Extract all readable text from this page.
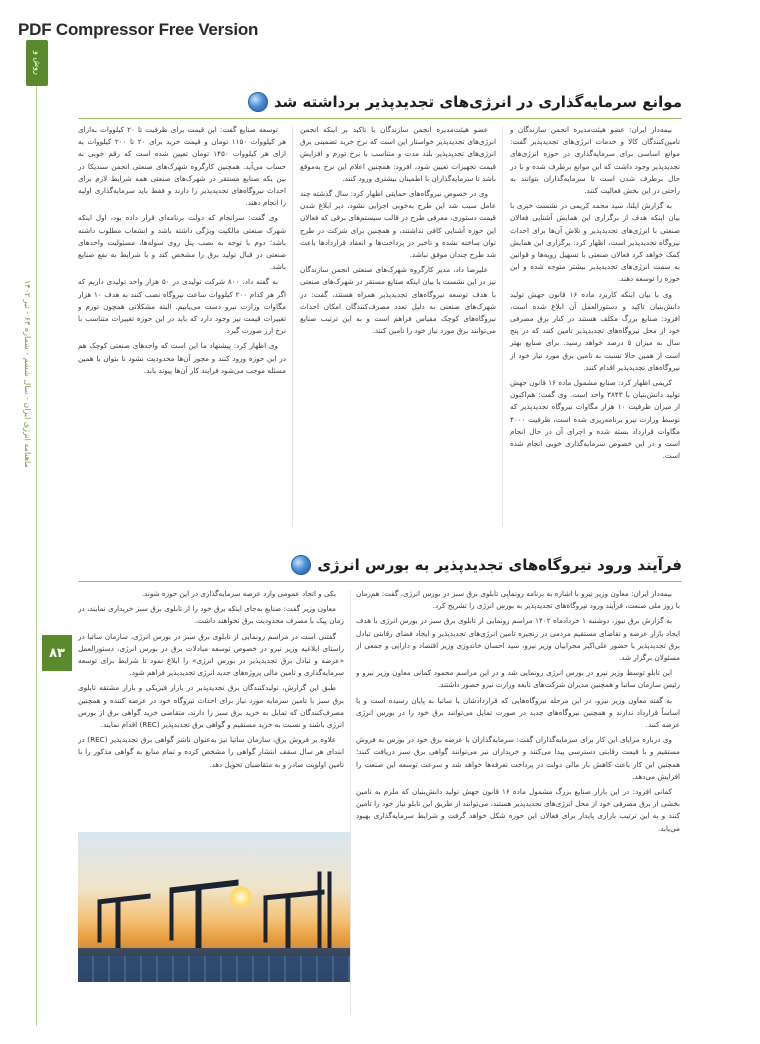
PDF Compressor Free Version
روش و فناوری
ماهنامه انرژی ایران - سال ششم - شماره ۶۴ - تیر ۱۴۰۲
۸۳
موانع سرمایه‌گذاری در انرژی‌های تجدیدپذیر برداشته شد

بیمه‌دار ایران: عضو هیئت‌مدیره انجمن سازندگان و تامین‌کنندگان کالا و خدمات انرژی‌های تجدیدپذیر گفت: موانع اساسی برای سرمایه‌گذاری در حوزه انرژی‌های تجدیدپذیر وجود داشت که این موانع برطرف شده و با در حال برطرف شدن است تا سرمایه‌گذاران بتوانند به راحتی در این بخش فعالیت کنند.

به گزارش ایلنا، سید محمد کریمی در نشست خبری با بیان اینکه هدف از برگزاری این همایش آشنایی فعالان صنعتی با انرژی‌های تجدیدپذیر و تلاش آن‌ها برای احداث نیروگاه تجدیدپذیر است، اظهار کرد: برگزاری این همایش کمک خواهد کرد فعالان صنعتی با تسهیل رویه‌ها و قوانین به سمت انرژی‌های تجدیدپذیر بیشتر متوجه شده و این حوزه را توسعه دهند.

وی با بیان اینکه کاربرد ماده ۱۶ قانون جهش تولید دانش‌بنیان تاکید و دستورالعمل آن ابلاغ شده است، افزود: صنایع بزرگ مکلف هستند در کنار برق مصرفی خود از محل نیروگاه‌های تجدیدپذیر تامین کنند که در پنج سال به میزان ۵ درصد خواهد رسید. برای صنایع بهتر است از همین حالا نسبت به تامین برق مورد نیاز خود از نیروگاه‌های تجدیدپذیر اقدام کنند.

کریمی اظهار کرد: صنایع مشمول ماده ۱۶ قانون جهش تولید دانش‌بنیان با ۳۸۴۳ واحد است. وی گفت: هم‌اکنون از میزان ظرفیت ۱۰ هزار مگاوات نیروگاه تجدیدپذیر که توسط وزارت نیرو برنامه‌ریزی شده است، ظرفیت ۴۰۰۰ مگاوات قرارداد بسته شده و اجرای آن در حال انجام است و در این خصوص سرمایه‌گذاری خوبی انجام شده است.

عضو هیئت‌مدیره انجمن سازندگان با تاکید بر اینکه انجمن انرژی‌های تجدیدپذیر خواستار این است که نرخ خرید تضمینی برق انرژی‌های تجدیدپذیر بلند مدت و متناسب با نرخ تورم و افزایش قیمت تجهیزات تعیین شود، افزود: همچنین اعلام این نرخ به‌موقع باشد تا سرمایه‌گذاران با اطمینان بیشتری ورود کنند.

وی در خصوص نیروگاه‌های حمایتی اظهار کرد: سال گذشته چند عامل سبب شد این طرح به‌خوبی اجرایی نشود، دیر ابلاغ شدن قیمت دستوری، معرفی طرح در قالب سیستم‌های برقی که فعالان این حوزه آشنایی کافی نداشتند، و همچنین برای شرکت در طرح توان ساخته نشده و تاخیر در پرداخت‌ها و انعقاد قراردادها باعث شد طرح چندان موفق نباشد.

علیرضا داد، مدیر کارگروه شهرک‌های صنعتی انجمن سازندگان نیز در این نشست با بیان اینکه صنایع مستقر در شهرک‌های صنعتی با هدف توسعه نیروگاه‌های تجدیدپذیر همراه هستند، گفت: در شهرک‌های صنعتی به دلیل تعدد مصرف‌کنندگان امکان احداث نیروگاه‌های کوچک مقیاس فراهم است و به این ترتیب صنایع می‌توانند برق مورد نیاز خود را تامین کنند.

توسعه صنایع گفت: این قیمت برای ظرفیت تا ۲۰ کیلووات به‌ازای هر کیلووات ۱۱۵۰ تومان و قیمت خرید برای ۲۰ تا ۲۰۰ کیلووات به ازای هر کیلووات ۱۴۵۰ تومان تعیین شده است که رقم خوبی به حساب می‌آید. همچنین کارگروه شهرک‌های صنعتی انجمن سندیکا در بین یکه صنایع مستقر در شهرک‌های صنعتی همه شرایط لازم برای احداث نیروگاه‌های تجدیدپذیر را دارند و فقط باید سرمایه‌گذاری اولیه را انجام دهند.

وی گفت: سرانجام که دولت برنامه‌ای قرار داده بود، اول اینکه شهرک صنعتی مالکیت ویژگی داشته باشد و انشعاب مطلوب داشته باشد؛ دوم با توجه به نصب پنل روی سوله‌ها، مسئولیت واحدهای صنعتی در قبال تولید برق را مشخص کند و با شرایط به نفع صنایع باشد.

به گفته داد، ۸۰۰ شرکت تولیدی در ۵۰ هزار واحد تولیدی داریم که اگر هر کدام ۲۰۰ کیلووات ساعت نیروگاه نصب کنند به هدف ۱۰ هزار مگاوات وزارت نیرو دست می‌یابیم. البته مشکلاتی همچون تورم و تغییرات قیمت نیز وجود دارد که باید در این حوزه تغییرات متناسب با نرخ ارز صورت گیرد.

وی اظهار کرد: پیشنهاد ما این است که واحدهای صنعتی کوچک هم در این حوزه ورود کنند و مجوز آن‌ها محدودیت نشود تا بتوان با همین مسئله موجب می‌شود فرایند کار آن‌ها پیوند یابد.

فرآیند ورود نیروگاه‌های تجدیدپذیر به بورس انرژی

بیمه‌دار ایران: معاون وزیر نیرو با اشاره به برنامه رونمایی تابلوی برق سبز در بورس انرژی، گفت: هم‌زمان با روز ملی صنعت، فرآیند ورود نیروگاه‌های تجدیدپذیر به بورس انرژی را تشریح کرد.

به گزارش برق نیوز، دوشنبه ۱ خردادماه ۱۴۰۲ مراسم رونمایی از تابلوی برق سبز در بورس انرژی با هدف ایجاد بازار عرضه و تقاضای مستقیم مردمی در زنجیره تامین انرژی‌های تجدیدپذیر و ایجاد فضای رقابتی تبادل برق تجدیدپذیر با حضور علی‌اکبر محرابیان وزیر نیرو، سید احسان خاندوزی وزیر اقتصاد و دارایی و جمعی از مسئولان برگزار شد.

این تابلو توسط وزیر نیرو در بورس انرژی رونمایی شد و در این مراسم محمود کمانی معاون وزیر نیرو و رئیس سازمان ساتبا و همچنین مدیران شرکت‌های تابعه وزارت نیرو حضور داشتند.

به گفته معاون وزیر نیرو، در این مرحله نیروگاه‌هایی که قراردادشان با ساتبا به پایان رسیده است و یا اساساً قرارداد ندارند و همچنین نیروگاه‌های جدید در صورت تمایل می‌توانند برق خود را در بورس انرژی عرضه کنند.

وی درباره مزایای این کار برای سرمایه‌گذاران گفت: سرمایه‌گذاران با عرضه برق خود در بورس به فروش مستقیم و با قیمت رقابتی دسترسی پیدا می‌کنند و خریداران نیز می‌توانند گواهی برق سبز دریافت کنند؛ همچنین این کار باعث کاهش بار مالی دولت در پرداخت تعرفه‌ها خواهد شد و سرعت توسعه این صنعت را افزایش می‌دهد.

کمانی افزود: در این بازار صنایع بزرگ مشمول ماده ۱۶ قانون جهش تولید دانش‌بنیان که ملزم به تامین بخشی از برق مصرفی خود از محل انرژی‌های تجدیدپذیر هستند، می‌توانند از طریق این تابلو نیاز خود را تامین کنند و به این ترتیب بازاری پایدار برای فعالان این حوزه شکل خواهد گرفت و شرایط سرمایه‌گذاری بهبود می‌یابد.

یکی و اتحاد عمومی وارد عرصه سرمایه‌گذاری در این حوزه شوند.

معاون وزیر گفت: صنایع به‌جای اینکه برق خود را از تابلوی برق سبز خریداری نمایند، در زمان پیک با مصرف محدودیت برق نخواهند داشت.

گفتنی است در مراسم رونمایی از تابلوی برق سبز در بورس انرژی، سازمان ساتبا در راستای ابلاغیه وزیر نیرو در خصوص توسعه مبادلات برق در بورس انرژی، دستورالعمل «عرضه و تبادل برق تجدیدپذیر در بورس انرژی» را ابلاغ نمود تا شرایط برای توسعه سرمایه‌گذاری و تامین مالی پروژه‌های جدید انرژی تجدیدپذیر فراهم شود.

طبق این گزارش، تولیدکنندگان برق تجدیدپذیر در بازار فیزیکی و بازار مشتقه تابلوی برق سبز با تامین سرمایه مورد نیاز برای احداث نیروگاه خود در عرضه کننده و همچنین مصرف‌کنندگان که تمایل به خرید برق سبز را دارند، متقاضی خرید گواهی برق از بورس انرژی باشند و نسبت به خرید مستقیم و گواهی برق تجدیدپذیر (REC) اقدام نمایند.

علاوه بر فروش برق، سازمان ساتبا نیز به‌عنوان ناشر گواهی برق تجدیدپذیر (REC) در ابتدای هر سال سقف انتشار گواهی را مشخص کرده و تمام منابع به گواهی مذکور را با تامین اولویت صادر و به متقاضیان تحویل دهد.
